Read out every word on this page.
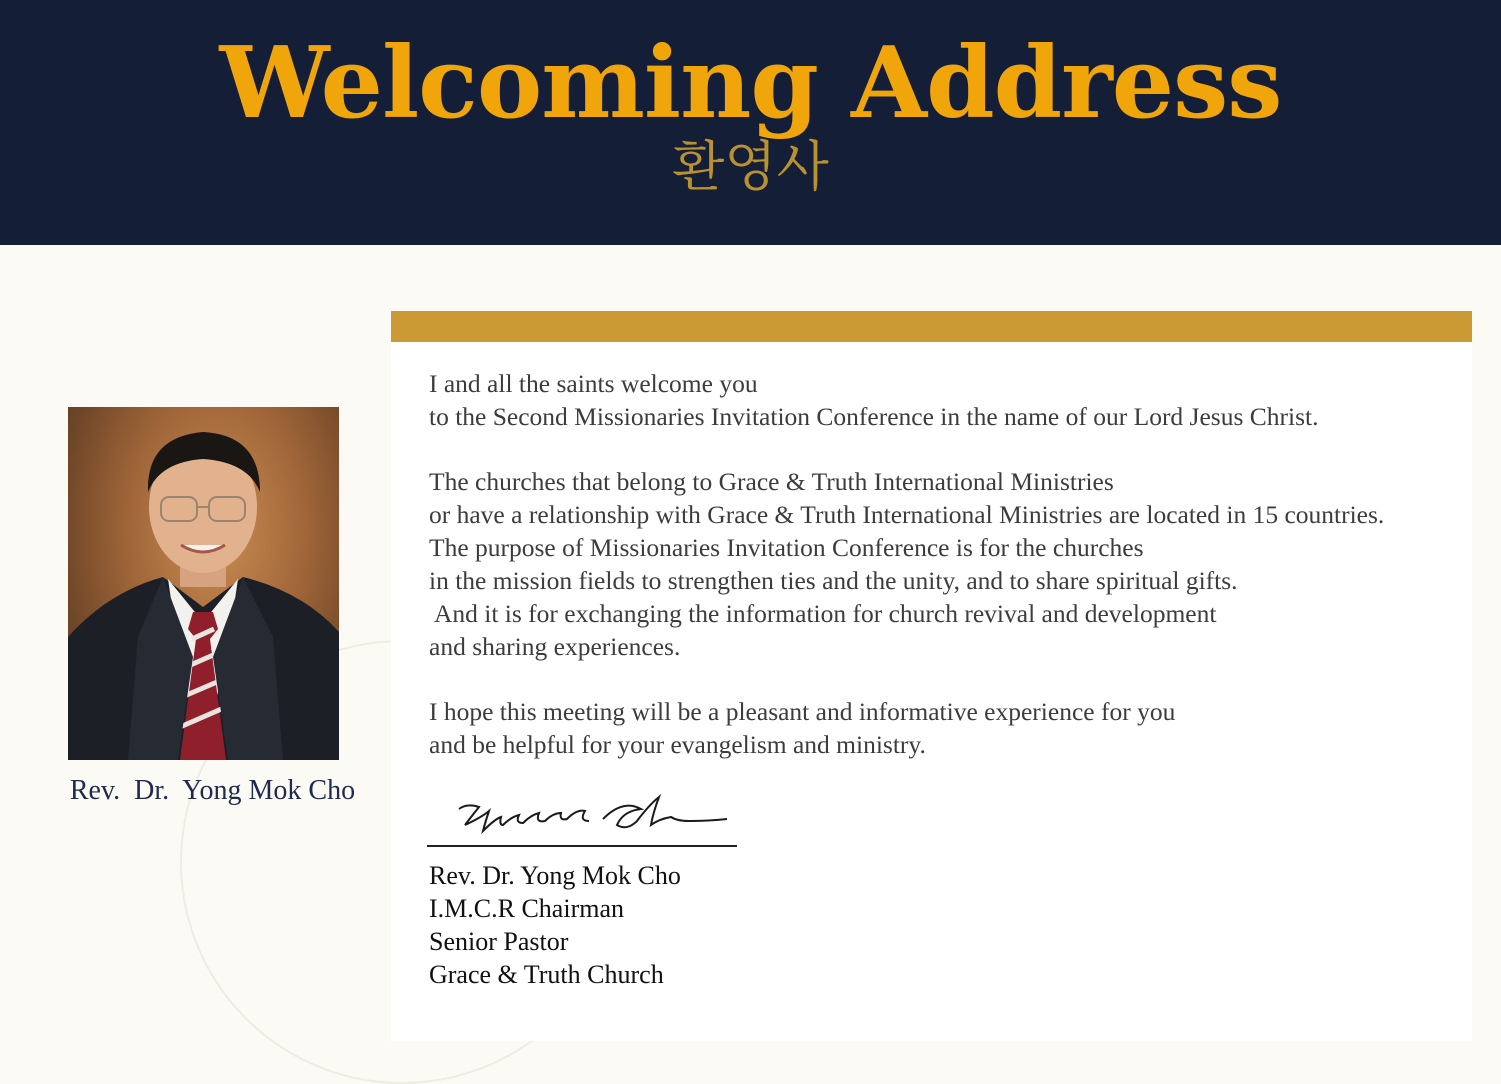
Welcoming Address
환영사
Rev.  Dr.  Yong Mok Cho
I and all the saints welcome you
to the Second Missionaries Invitation Conference in the name of our Lord Jesus Christ.
The churches that belong to Grace & Truth International Ministries
or have a relationship with Grace & Truth International Ministries are located in 15 countries.
The purpose of Missionaries Invitation Conference is for the churches
in the mission fields to strengthen ties and the unity, and to share spiritual gifts.
And it is for exchanging the information for church revival and development
and sharing experiences.
I hope this meeting will be a pleasant and informative experience for you
and be helpful for your evangelism and ministry.
Rev. Dr. Yong Mok Cho
I.M.C.R Chairman
Senior Pastor
Grace & Truth Church
